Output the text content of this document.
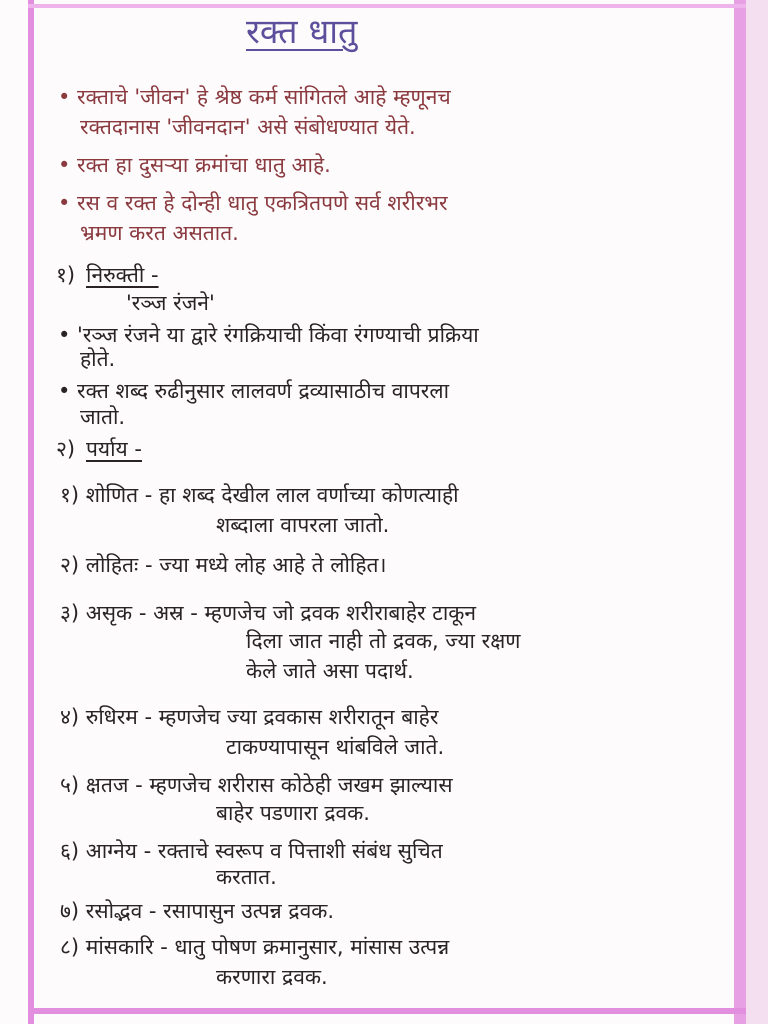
रक्त धातु
• रक्ताचे 'जीवन' हे श्रेष्ठ कर्म सांगितले आहे म्हणूनच
रक्तदानास 'जीवनदान' असे संबोधण्यात येते.
• रक्त हा दुसऱ्या क्रमांचा धातु आहे.
• रस व रक्त हे दोन्ही धातु एकत्रितपणे सर्व शरीरभर
भ्रमण करत असतात.
१) निरुक्ती -
'रञ्ज रंजने'
• 'रञ्ज रंजने या द्वारे रंगक्रियाची किंवा रंगण्याची प्रक्रिया
होते.
• रक्त शब्द रुढीनुसार लालवर्ण द्रव्यासाठीच वापरला
जातो.
२) पर्याय -
१) शोणित - हा शब्द देखील लाल वर्णाच्या कोणत्याही
शब्दाला वापरला जातो.
२) लोहितः - ज्या मध्ये लोह आहे ते लोहित।
३) असृक - अस्र - म्हणजेच जो द्रवक शरीराबाहेर टाकून
दिला जात नाही तो द्रवक, ज्या रक्षण
केले जाते असा पदार्थ.
४) रुधिरम - म्हणजेच ज्या द्रवकास शरीरातून बाहेर
टाकण्यापासून थांबविले जाते.
५) क्षतज - म्हणजेच शरीरास कोठेही जखम झाल्यास
बाहेर पडणारा द्रवक.
६) आग्नेय - रक्ताचे स्वरूप व पित्ताशी संबंध सुचित
करतात.
७) रसोद्भव - रसापासुन उत्पन्न द्रवक.
८) मांसकारि - धातु पोषण क्रमानुसार, मांसास उत्पन्न
करणारा द्रवक.
